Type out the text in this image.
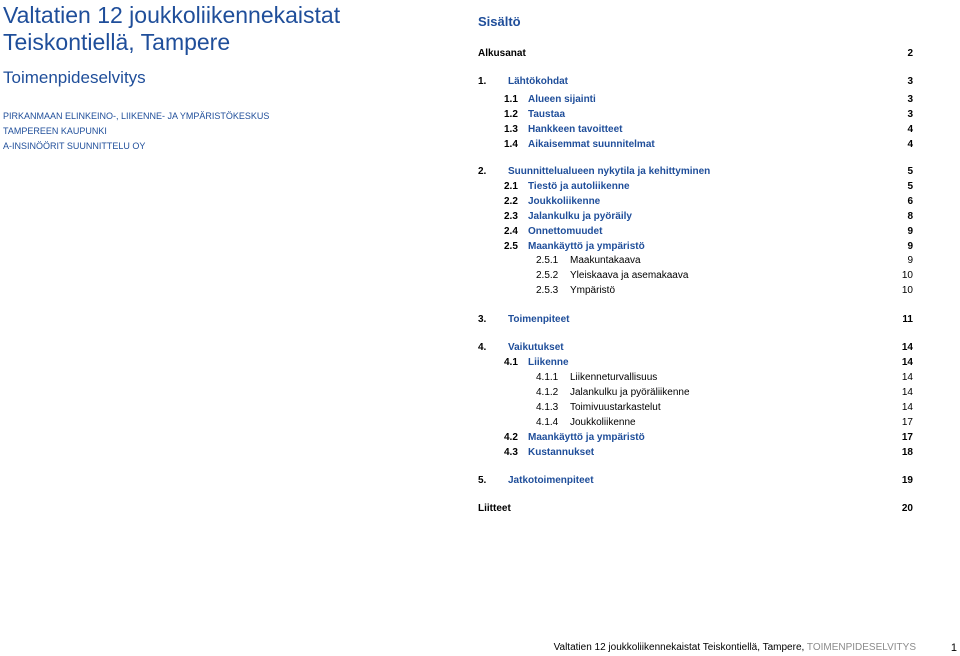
Valtatien 12 joukkoliikennekaistat
Teiskontiellä, Tampere
Toimenpideselvitys
PIRKANMAAN ELINKEINO-, LIIKENNE- JA YMPÄRISTÖKESKUS
TAMPEREEN KAUPUNKI
A-INSINÖÖRIT SUUNNITTELU OY
Sisältö
Alkusanat	2
1. Lähtökohdat	3
1.1 Alueen sijainti	3
1.2 Taustaa	3
1.3 Hankkeen tavoitteet	4
1.4 Aikaisemmat suunnitelmat	4
2. Suunnittelualueen nykytila ja kehittyminen	5
2.1 Tiestö ja autoliikenne	5
2.2 Joukkoliikenne	6
2.3 Jalankulku ja pyöräily	8
2.4 Onnettomuudet	9
2.5 Maankäyttö ja ympäristö	9
2.5.1 Maakuntakaava	9
2.5.2 Yleiskaava ja asemakaava	10
2.5.3 Ympäristö	10
3. Toimenpiteet	11
4. Vaikutukset	14
4.1 Liikenne	14
4.1.1 Liikenneturvallisuus	14
4.1.2 Jalankulku ja pyöräliikenne	14
4.1.3 Toimivuustarkastelut	14
4.1.4 Joukkoliikenne	17
4.2 Maankäyttö ja ympäristö	17
4.3 Kustannukset	18
5. Jatkotoimenpiteet	19
Liitteet	20
Valtatien 12 joukkoliikennekaistat Teiskontiellä, Tampere, TOIMENPIDESELVITYS	1
